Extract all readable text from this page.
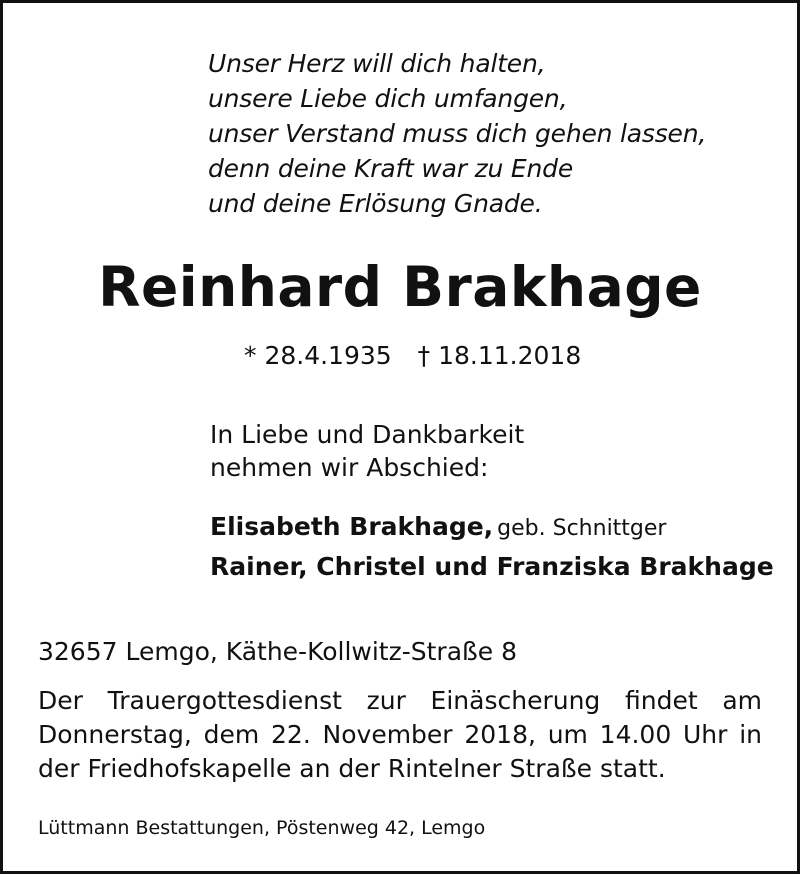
Unser Herz will dich halten,
unsere Liebe dich umfangen,
unser Verstand muss dich gehen lassen,
denn deine Kraft war zu Ende
und deine Erlösung Gnade.
Reinhard Brakhage
* 28.4.1935 † 18.11.2018
In Liebe und Dankbarkeit
nehmen wir Abschied:
Elisabeth Brakhage, geb. Schnittger
Rainer, Christel und Franziska Brakhage
32657 Lemgo, Käthe-Kollwitz-Straße 8
Der Trauergottesdienst zur Einäscherung findet am
Donnerstag, dem 22. November 2018, um 14.00 Uhr in
der Friedhofskapelle an der Rintelner Straße statt.
Lüttmann Bestattungen, Pöstenweg 42, Lemgo
